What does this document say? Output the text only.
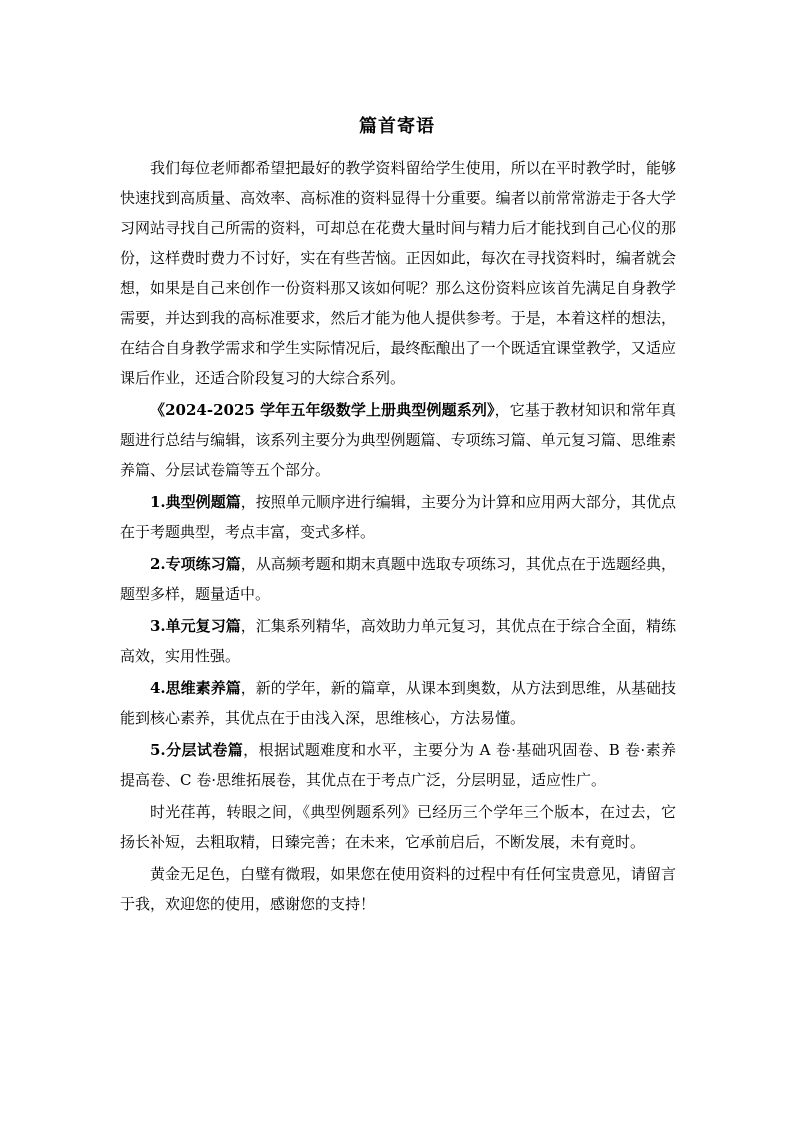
篇首寄语

我们每位老师都希望把最好的教学资料留给学生使用，所以在平时教学时，能够快速找到高质量、高效率、高标准的资料显得十分重要。编者以前常常游走于各大学习网站寻找自己所需的资料，可却总在花费大量时间与精力后才能找到自己心仪的那份，这样费时费力不讨好，实在有些苦恼。正因如此，每次在寻找资料时，编者就会想，如果是自己来创作一份资料那又该如何呢？那么这份资料应该首先满足自身教学需要，并达到我的高标准要求，然后才能为他人提供参考。于是，本着这样的想法，在结合自身教学需求和学生实际情况后，最终酝酿出了一个既适宜课堂教学，又适应课后作业，还适合阶段复习的大综合系列。

《2024-2025 学年五年级数学上册典型例题系列》，它基于教材知识和常年真题进行总结与编辑，该系列主要分为典型例题篇、专项练习篇、单元复习篇、思维素养篇、分层试卷篇等五个部分。

1.典型例题篇，按照单元顺序进行编辑，主要分为计算和应用两大部分，其优点在于考题典型，考点丰富，变式多样。

2.专项练习篇，从高频考题和期末真题中选取专项练习，其优点在于选题经典，题型多样，题量适中。

3.单元复习篇，汇集系列精华，高效助力单元复习，其优点在于综合全面，精练高效，实用性强。

4.思维素养篇，新的学年，新的篇章，从课本到奥数，从方法到思维，从基础技能到核心素养，其优点在于由浅入深，思维核心，方法易懂。

5.分层试卷篇，根据试题难度和水平，主要分为 A 卷·基础巩固卷、B 卷·素养提高卷、C 卷·思维拓展卷，其优点在于考点广泛，分层明显，适应性广。

时光荏苒，转眼之间，《典型例题系列》已经历三个学年三个版本，在过去，它扬长补短，去粗取精，日臻完善；在未来，它承前启后，不断发展，未有竟时。

黄金无足色，白璧有微瑕，如果您在使用资料的过程中有任何宝贵意见，请留言于我，欢迎您的使用，感谢您的支持！
